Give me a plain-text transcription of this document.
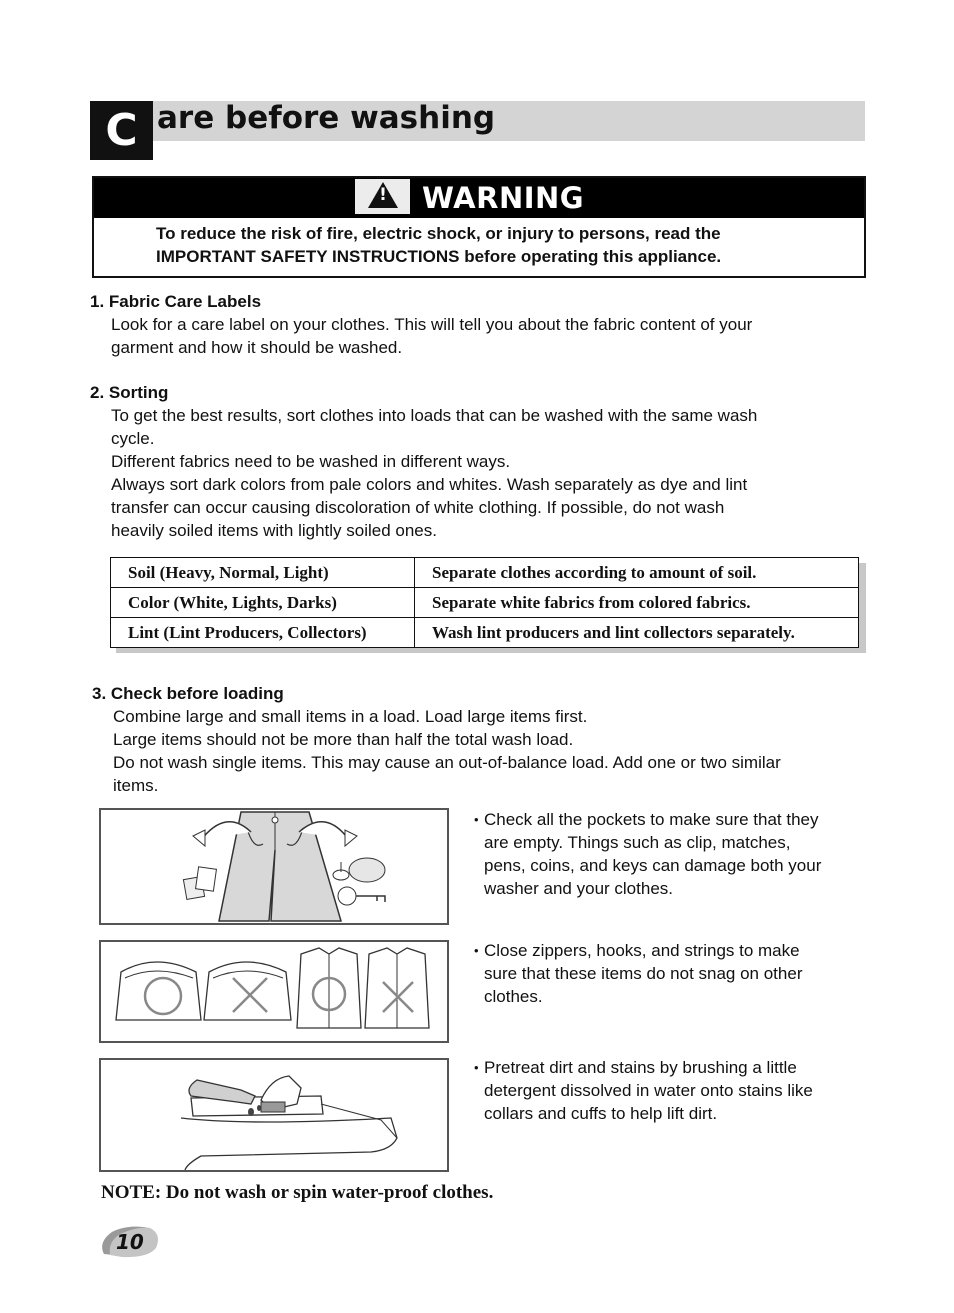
C are before washing
! WARNING
To reduce the risk of fire, electric shock, or injury to persons, read the
IMPORTANT SAFETY INSTRUCTIONS before operating this appliance.
1. Fabric Care Labels
Look for a care label on your clothes. This will tell you about the fabric content of your
garment and how it should be washed.
2. Sorting
To get the best results, sort clothes into loads that can be washed with the same wash
cycle.
Different fabrics need to be washed in different ways.
Always sort dark colors from pale colors and whites. Wash separately as dye and lint
transfer can occur causing discoloration of white clothing. If possible, do not wash
heavily soiled items with lightly soiled ones.
Soil (Heavy, Normal, Light)	Separate clothes according to amount of soil.
Color (White, Lights, Darks)	Separate white fabrics from colored fabrics.
Lint (Lint Producers, Collectors)	Wash lint producers and lint collectors separately.
3. Check before loading
Combine large and small items in a load. Load large items first.
Large items should not be more than half the total wash load.
Do not wash single items. This may cause an out-of-balance load. Add one or two similar
items.
• Check all the pockets to make sure that they
are empty. Things such as clip, matches,
pens, coins, and keys can damage both your
washer and your clothes.
• Close zippers, hooks, and strings to make
sure that these items do not snag on other
clothes.
• Pretreat dirt and stains by brushing a little
detergent dissolved in water onto stains like
collars and cuffs to help lift dirt.
NOTE: Do not wash or spin water-proof clothes.
10
